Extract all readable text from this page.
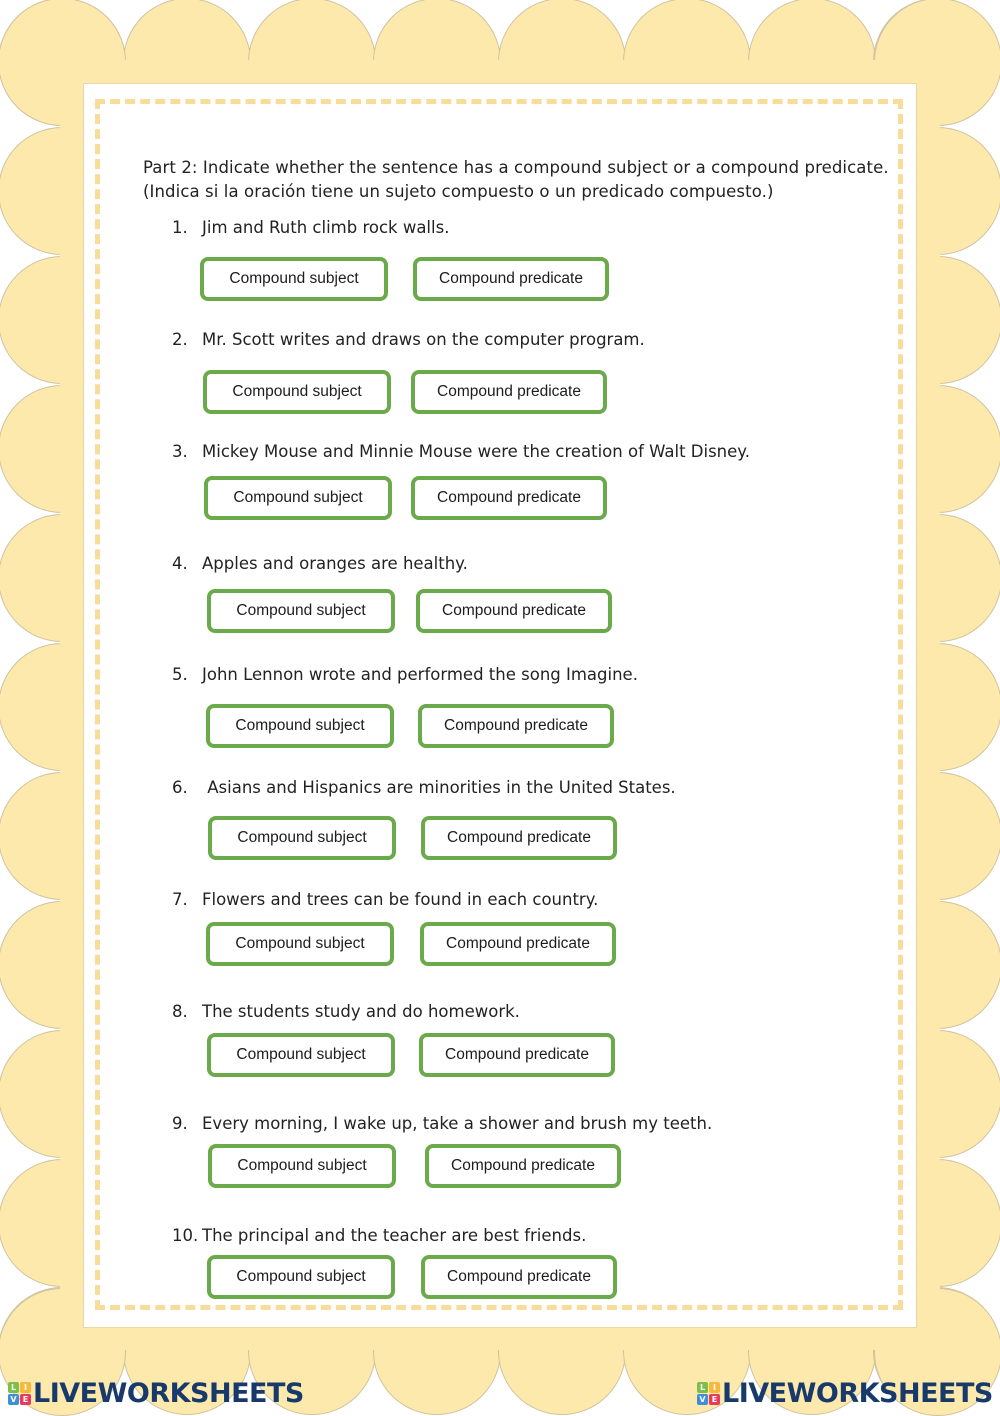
Part 2: Indicate whether the sentence has a compound subject or a compound predicate.
(Indica si la oración tiene un sujeto compuesto o un predicado compuesto.)
1. Jim and Ruth climb rock walls.
Compound subject	Compound predicate
2. Mr. Scott writes and draws on the computer program.
Compound subject	Compound predicate
3. Mickey Mouse and Minnie Mouse were the creation of Walt Disney.
Compound subject	Compound predicate
4. Apples and oranges are healthy.
Compound subject	Compound predicate
5. John Lennon wrote and performed the song Imagine.
Compound subject	Compound predicate
6. Asians and Hispanics are minorities in the United States.
Compound subject	Compound predicate
7. Flowers and trees can be found in each country.
Compound subject	Compound predicate
8. The students study and do homework.
Compound subject	Compound predicate
9. Every morning, I wake up, take a shower and brush my teeth.
Compound subject	Compound predicate
10. The principal and the teacher are best friends.
Compound subject	Compound predicate
L I
V E LIVEWORKSHEETS	L I
V E LIVEWORKSHEETS
